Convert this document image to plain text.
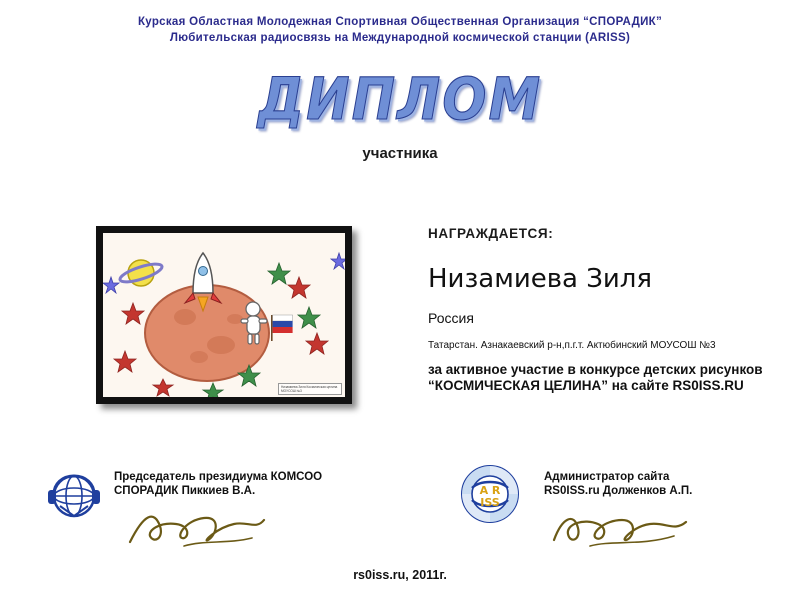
Курская Областная Молодежная Спортивная Общественная Организация “СПОРАДИК”
Любительская радиосвязь на Международной космической станции (ARISS)
ДИПЛОМ
участника
Низамиева Зиля Космическая целина МОУСОШ №3
НАГРАЖДАЕТСЯ:
Низамиева Зиля
Россия
Татарстан. Азнакаевский р-н,п.г.т. Актюбинский МОУСОШ №3
за активное участие в конкурсе детских рисунков “КОСМИЧЕСКАЯ ЦЕЛИНА” на сайте RS0ISS.RU
Председатель президиума КОМСОО
СПОРАДИК Пиккиев В.А.	A R
ISS
Администратор сайта
RS0ISS.ru Долженков А.П.
rs0iss.ru, 2011г.
